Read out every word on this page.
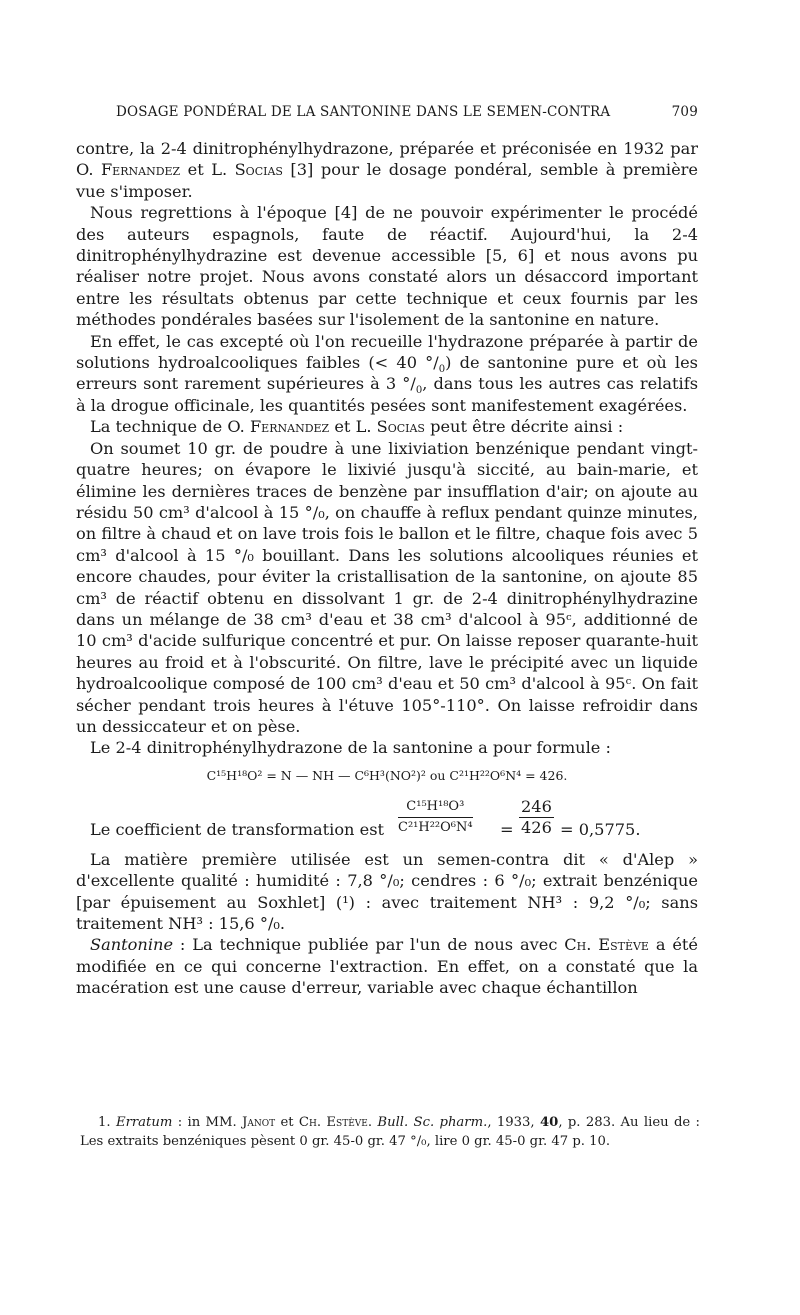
DOSAGE PONDÉRAL DE LA SANTONINE DANS LE SEMEN-CONTRA	709

contre, la 2-4 dinitrophénylhydrazone, préparée et préconisée en 1932 par O. Fernandez et L. Socias [3] pour le dosage pondéral, semble à première vue s'imposer.

Nous regrettions à l'époque [4] de ne pouvoir expérimenter le procédé des auteurs espagnols, faute de réactif. Aujourd'hui, la 2-4 dinitrophénylhydrazine est devenue accessible [5, 6] et nous avons pu réaliser notre projet. Nous avons constaté alors un désaccord important entre les résultats obtenus par cette technique et ceux fournis par les méthodes pondérales basées sur l'isolement de la santonine en nature.

En effet, le cas excepté où l'on recueille l'hydrazone préparée à partir de solutions hydroalcooliques faibles (< 40 $^\circ/_0$) de santonine pure et où les erreurs sont rarement supérieures à 3 $^\circ/_0$, dans tous les autres cas relatifs à la drogue officinale, les quantités pesées sont manifestement exagérées.

La technique de O. Fernandez et L. Socias peut être décrite ainsi :

On soumet 10 gr. de poudre à une lixiviation benzénique pendant vingt-quatre heures; on évapore le lixivié jusqu'à siccité, au bain-marie, et élimine les dernières traces de benzène par insufflation d'air; on ajoute au résidu 50 cm³ d'alcool à 15 °/₀, on chauffe à reflux pendant quinze minutes, on filtre à chaud et on lave trois fois le ballon et le filtre, chaque fois avec 5 cm³ d'alcool à 15 °/₀ bouillant. Dans les solutions alcooliques réunies et encore chaudes, pour éviter la cristallisation de la santonine, on ajoute 85 cm³ de réactif obtenu en dissolvant 1 gr. de 2-4 dinitrophénylhydrazine dans un mélange de 38 cm³ d'eau et 38 cm³ d'alcool à 95ᶜ, additionné de 10 cm³ d'acide sulfurique concentré et pur. On laisse reposer quarante-huit heures au froid et à l'obscurité. On filtre, lave le précipité avec un liquide hydroalcoolique composé de 100 cm³ d'eau et 50 cm³ d'alcool à 95ᶜ. On fait sécher pendant trois heures à l'étuve 105°-110°. On laisse refroidir dans un dessiccateur et on pèse.

Le 2-4 dinitrophénylhydrazone de la santonine a pour formule :

C¹⁵H¹⁸O² = N — NH — C⁶H³(NO²)² ou C²¹H²²O⁶N⁴ = 426.
Le coefficient de transformation est $\frac{\text{C¹⁵H¹⁸O³}}{\text{C²¹H²²O⁶N⁴}} = \frac{246}{426} = 0,5775$.

La matière première utilisée est un semen-contra dit « d'Alep » d'excellente qualité : humidité : 7,8 °/₀; cendres : 6 °/₀; extrait benzénique [par épuisement au Soxhlet] (¹) : avec traitement NH³ : 9,2 °/₀; sans traitement NH³ : 15,6 °/₀.

Santonine : La technique publiée par l'un de nous avec Ch. Estève a été modifiée en ce qui concerne l'extraction. En effet, on a constaté que la macération est une cause d'erreur, variable avec chaque échantillon

1. Erratum : in MM. Janot et Ch. Estève. Bull. Sc. pharm., 1933, 40, p. 283. Au lieu de : Les extraits benzéniques pèsent 0 gr. 45-0 gr. 47 °/₀, lire 0 gr. 45-0 gr. 47 p. 10.
